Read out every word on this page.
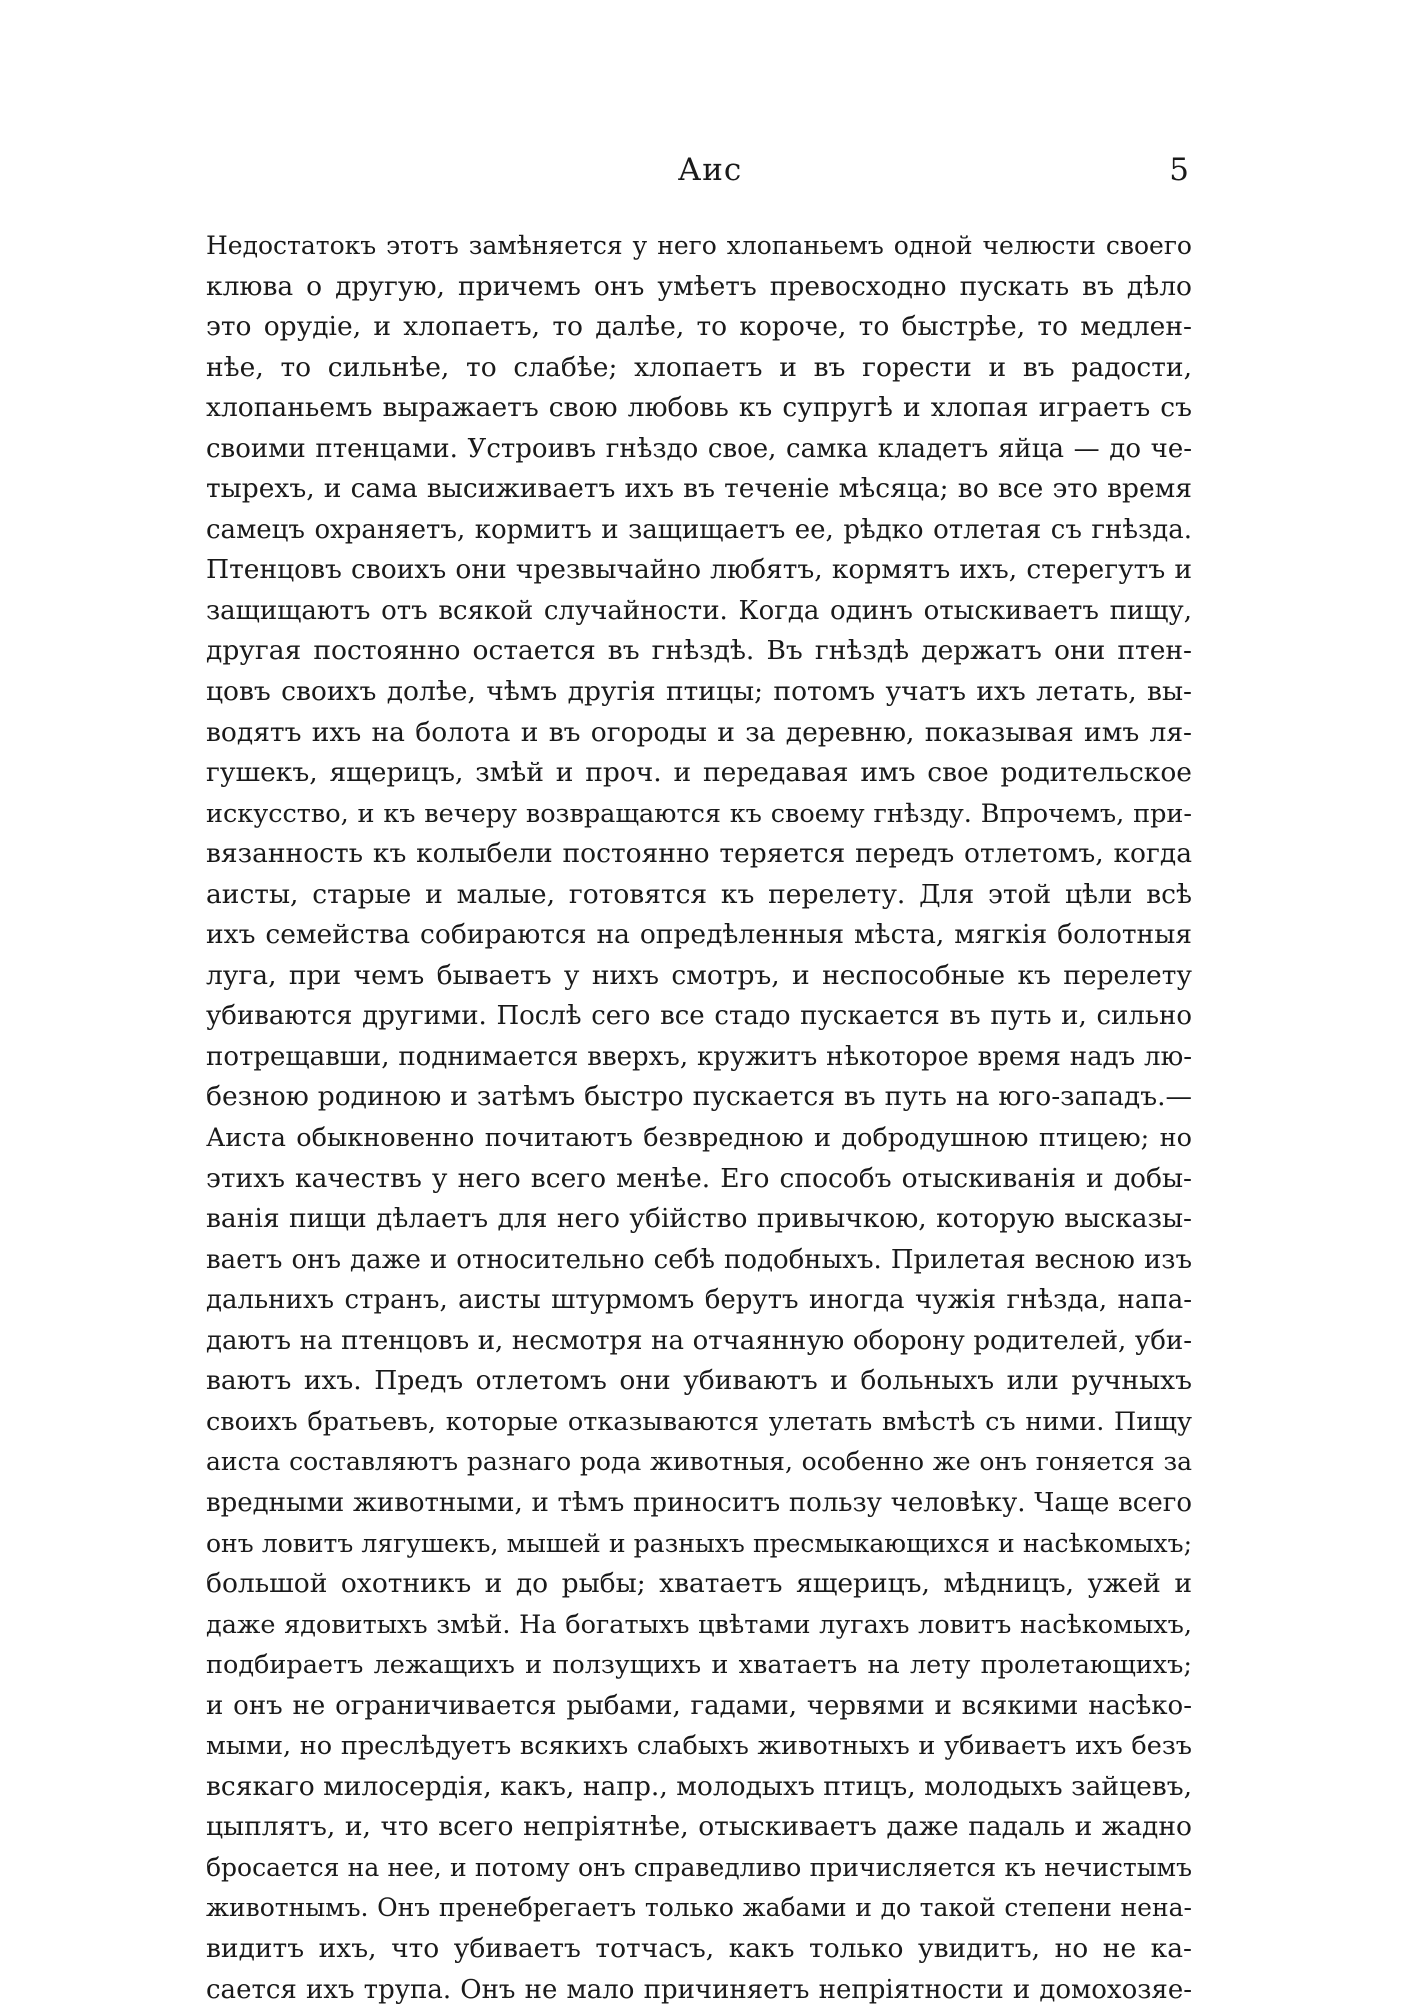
Аис	5
Недостатокъ этотъ замѣняется у него хлопаньемъ одной челюсти своего
клюва о другую, причемъ онъ умѣетъ превосходно пускать въ дѣло
это орудіе, и хлопаетъ, то далѣе, то короче, то быстрѣе, то медлен-
нѣе, то сильнѣе, то слабѣе; хлопаетъ и въ горести и въ радости,
хлопаньемъ выражаетъ свою любовь къ супругѣ и хлопая играетъ съ
своими птенцами. Устроивъ гнѣздо свое, самка кладетъ яйца — до че-
тырехъ, и сама высиживаетъ ихъ въ теченіе мѣсяца; во все это время
самецъ охраняетъ, кормитъ и защищаетъ ее, рѣдко отлетая съ гнѣзда.
Птенцовъ своихъ они чрезвычайно любятъ, кормятъ ихъ, стерегутъ и
защищаютъ отъ всякой случайности. Когда одинъ отыскиваетъ пищу,
другая постоянно остается въ гнѣздѣ. Въ гнѣздѣ держатъ они птен-
цовъ своихъ долѣе, чѣмъ другія птицы; потомъ учатъ ихъ летать, вы-
водятъ ихъ на болота и въ огороды и за деревню, показывая имъ ля-
гушекъ, ящерицъ, змѣй и проч. и передавая имъ свое родительское
искусство, и къ вечеру возвращаются къ своему гнѣзду. Впрочемъ, при-
вязанность къ колыбели постоянно теряется передъ отлетомъ, когда
аисты, старые и малые, готовятся къ перелету. Для этой цѣли всѣ
ихъ семейства собираются на опредѣленныя мѣста, мягкія болотныя
луга, при чемъ бываетъ у нихъ смотръ, и неспособные къ перелету
убиваются другими. Послѣ сего все стадо пускается въ путь и, сильно
потрещавши, поднимается вверхъ, кружитъ нѣкоторое время надъ лю-
безною родиною и затѣмъ быстро пускается въ путь на юго-западъ.—
Аиста обыкновенно почитаютъ безвредною и добродушною птицею; но
этихъ качествъ у него всего менѣе. Его способъ отыскиванія и добы-
ванія пищи дѣлаетъ для него убійство привычкою, которую высказы-
ваетъ онъ даже и относительно себѣ подобныхъ. Прилетая весною изъ
дальнихъ странъ, аисты штурмомъ берутъ иногда чужія гнѣзда, напа-
даютъ на птенцовъ и, несмотря на отчаянную оборону родителей, уби-
ваютъ ихъ. Предъ отлетомъ они убиваютъ и больныхъ или ручныхъ
своихъ братьевъ, которые отказываются улетать вмѣстѣ съ ними. Пищу
аиста составляютъ разнаго рода животныя, особенно же онъ гоняется за
вредными животными, и тѣмъ приноситъ пользу человѣку. Чаще всего
онъ ловитъ лягушекъ, мышей и разныхъ пресмыкающихся и насѣкомыхъ;
большой охотникъ и до рыбы; хватаетъ ящерицъ, мѣдницъ, ужей и
даже ядовитыхъ змѣй. На богатыхъ цвѣтами лугахъ ловитъ насѣкомыхъ,
подбираетъ лежащихъ и ползущихъ и хватаетъ на лету пролетающихъ;
и онъ не ограничивается рыбами, гадами, червями и всякими насѣко-
мыми, но преслѣдуетъ всякихъ слабыхъ животныхъ и убиваетъ ихъ безъ
всякаго милосердія, какъ, напр., молодыхъ птицъ, молодыхъ зайцевъ,
цыплятъ, и, что всего непріятнѣе, отыскиваетъ даже падаль и жадно
бросается на нее, и потому онъ справедливо причисляется къ нечистымъ
животнымъ. Онъ пренебрегаетъ только жабами и до такой степени нена-
видитъ ихъ, что убиваетъ тотчасъ, какъ только увидитъ, но не ка-
сается ихъ трупа. Онъ не мало причиняетъ непріятности и домохозяе-
